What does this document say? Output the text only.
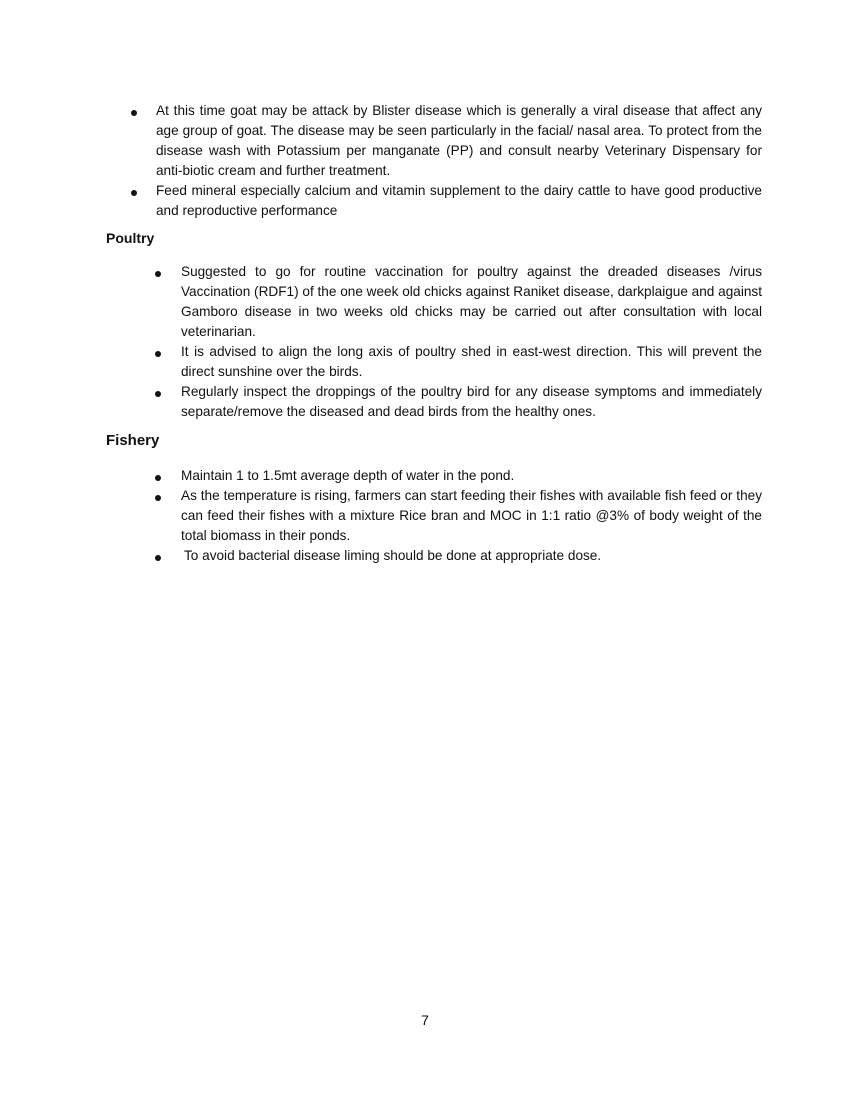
At this time goat may be attack by Blister disease which is generally a viral disease that affect any age group of goat. The disease may be seen particularly in the facial/ nasal area. To protect from the disease wash with Potassium per manganate (PP) and consult nearby Veterinary Dispensary for anti-biotic cream and further treatment.
Feed mineral especially calcium and vitamin supplement to the dairy cattle to have good productive and reproductive performance
Poultry
Suggested to go for routine vaccination for poultry against the dreaded diseases /virus Vaccination (RDF1) of the one week old chicks against Raniket disease, darkplaigue and against Gamboro disease in two weeks old chicks may be carried out after consultation with local veterinarian.
It is advised to align the long axis of poultry shed in east-west direction. This will prevent the direct sunshine over the birds.
Regularly inspect the droppings of the poultry bird for any disease symptoms and immediately separate/remove the diseased and dead birds from the healthy ones.
Fishery
Maintain 1 to 1.5mt average depth of water in the pond.
As the temperature is rising, farmers can start feeding their fishes with available fish feed or they can feed their fishes with a mixture Rice bran and MOC in 1:1 ratio @3% of body weight of the total biomass in their ponds.
To avoid bacterial disease liming should be done at appropriate dose.
7
